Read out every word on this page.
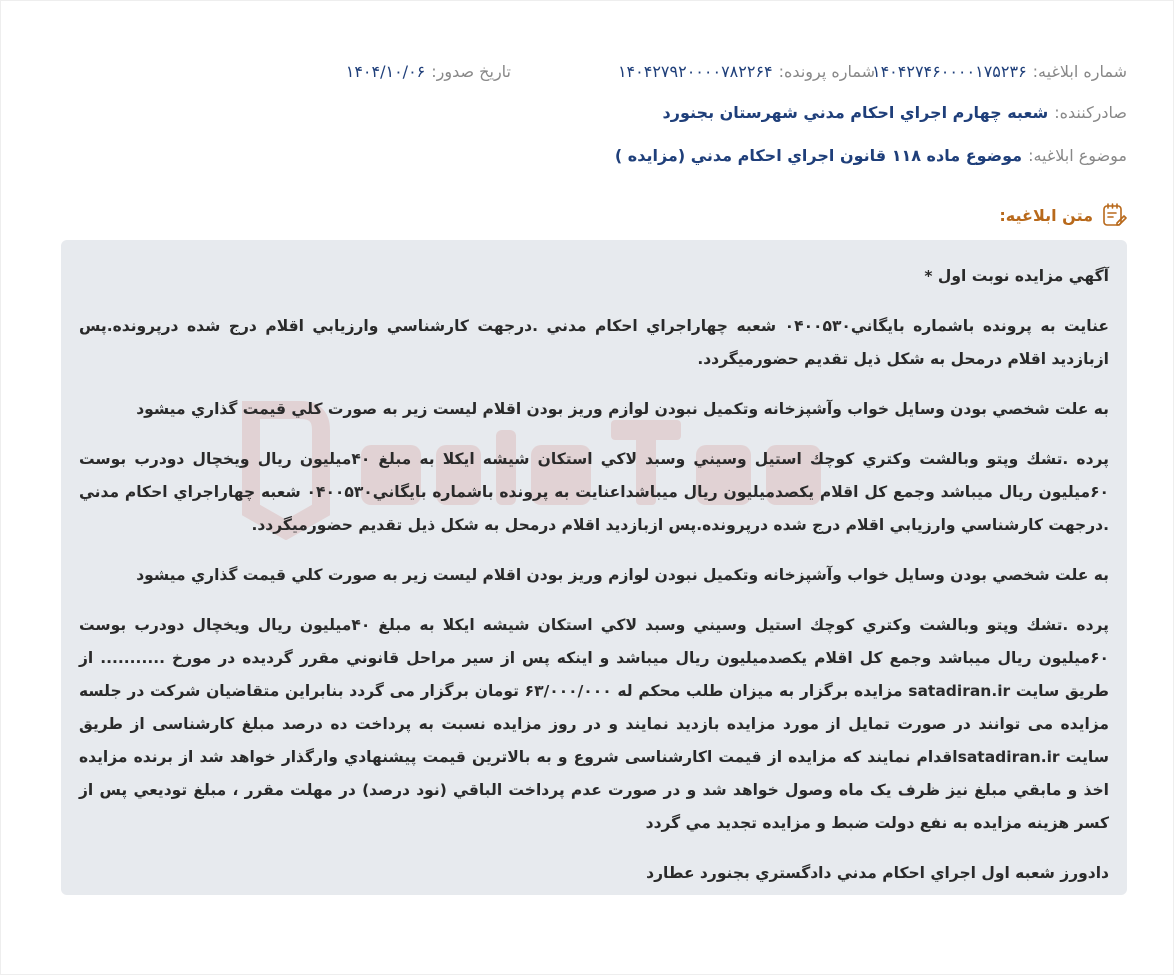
شماره ابلاغيه:
۱۴۰۴۲۷۴۶۰۰۰۰۱۷۵۲۳۶
شماره پرونده:
۱۴۰۴۲۷۹۲۰۰۰۰۷۸۲۲۶۴
تاريخ صدور:
۱۴۰۴/۱۰/۰۶
صادرکننده:
شعبه چهارم اجراي احکام مدني شهرستان بجنورد
موضوع ابلاغيه:
موضوع ماده ۱۱۸ قانون اجراي احکام مدني (مزايده )
متن ابلاغيه:

آگهي مزايده نوبت اول *

عنايت به پرونده باشماره بايگاني۰۴۰۰۵۳۰ شعبه چهاراجراي احکام مدني .درجهت کارشناسي وارزيابي اقلام درج شده درپرونده.پس ازبازديد اقلام درمحل به شکل ذيل تقديم حضورميگردد.

به علت شخصي بودن وسايل خواب وآشپزخانه وتکميل نبودن لوازم وريز بودن اقلام ليست زير به صورت کلي قيمت گذاري ميشود

پرده .تشك وپتو وبالشت وکتري کوچك استيل وسيني وسبد لاکي استکان شيشه ايکلا به مبلغ ۴۰ميليون ريال ويخچال دودرب بوست ۶۰ميليون ريال ميباشد وجمع کل اقلام يکصدميليون ريال ميباشداعنايت به پرونده باشماره بايگاني۰۴۰۰۵۳۰ شعبه چهاراجراي احکام مدني .درجهت کارشناسي وارزيابي اقلام درج شده درپرونده.پس ازبازديد اقلام درمحل به شکل ذيل تقديم حضورميگردد.

به علت شخصي بودن وسايل خواب وآشپزخانه وتکميل نبودن لوازم وريز بودن اقلام ليست زير به صورت کلي قيمت گذاري ميشود

پرده .تشك وپتو وبالشت وکتري کوچك استيل وسيني وسبد لاکي استکان شيشه ايکلا به مبلغ ۴۰ميليون ريال ويخچال دودرب بوست ۶۰ميليون ريال ميباشد وجمع کل اقلام يکصدميليون ريال ميباشد و اينکه پس از سير مراحل قانوني مقرر گرديده در مورخ ........... از طريق سايت satadiran.ir مزايده برگزار به ميزان طلب محکم له ۶۳/۰۰۰/۰۰۰ تومان برگزار می گردد بنابراين متقاضيان شرکت در جلسه مزايده می توانند در صورت تمايل از مورد مزايده بازديد نمايند و در روز مزايده نسبت به پرداخت ده درصد مبلغ کارشناسی از طريق سايت satadiran.irاقدام نمايند که مزايده از قيمت اکارشناسی شروع و به بالاترين قيمت پيشنهادي وارگذار خواهد شد از برنده مزايده اخذ و مابقي مبلغ نيز ظرف يک ماه وصول خواهد شد و در صورت عدم پرداخت الباقي (نود درصد) در مهلت مقرر ، مبلغ توديعي پس از کسر هزينه مزايده به نفع دولت ضبط و مزايده تجديد مي گردد

دادورز شعبه اول اجراي احکام مدني دادگستري بجنورد عطارد
